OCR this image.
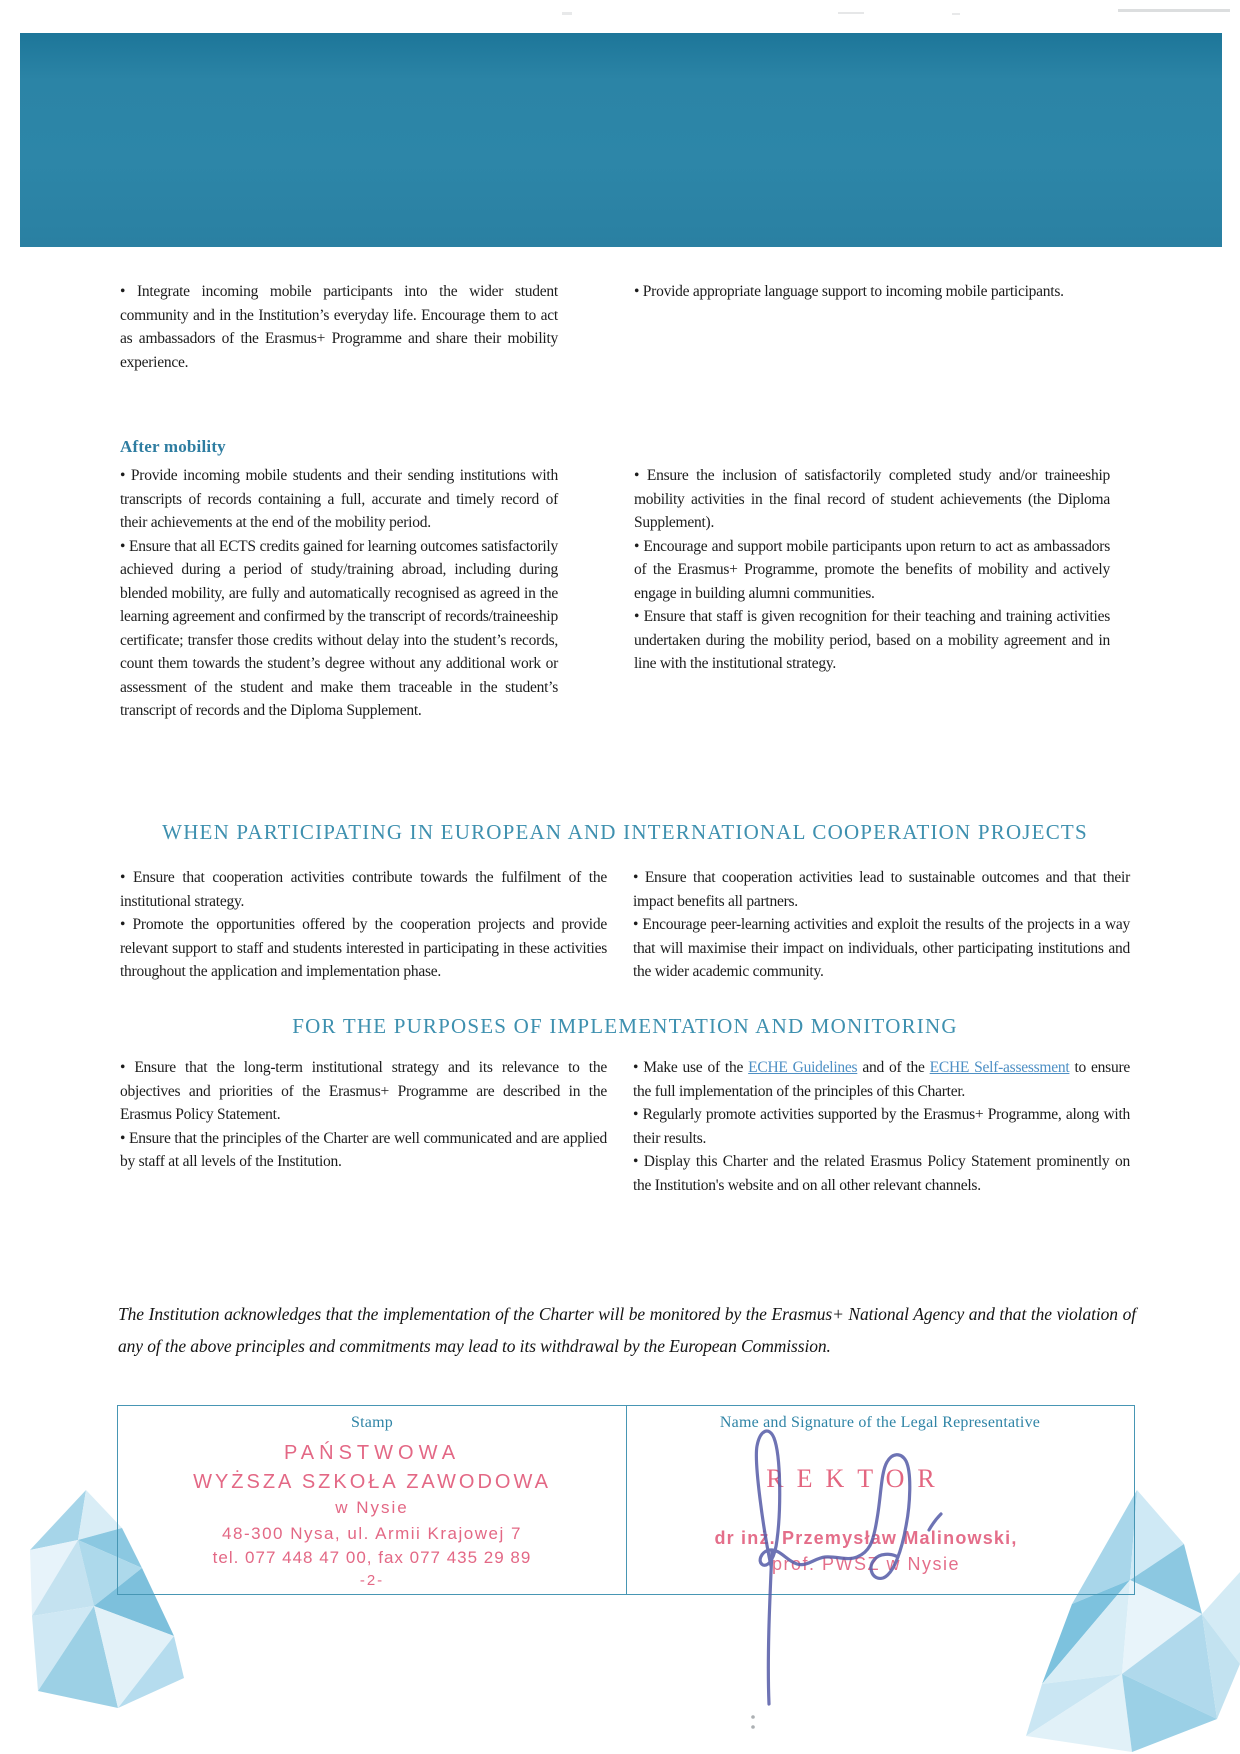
• Integrate incoming mobile participants into the wider student community and in the Institution’s everyday life. Encourage them to act as ambassadors of the Erasmus+ Programme and share their mobility experience.

• Provide appropriate language support to incoming mobile participants.

After mobility

• Provide incoming mobile students and their sending institutions with transcripts of records containing a full, accurate and timely record of their achievements at the end of the mobility period.

• Ensure that all ECTS credits gained for learning outcomes satisfactorily achieved during a period of study/training abroad, including during blended mobility, are fully and automatically recognised as agreed in the learning agreement and confirmed by the transcript of records/traineeship certificate; transfer those credits without delay into the student’s records, count them towards the student’s degree without any additional work or assessment of the student and make them traceable in the student’s transcript of records and the Diploma Supplement.

• Ensure the inclusion of satisfactorily completed study and/or traineeship mobility activities in the final record of student achievements (the Diploma Supplement).

• Encourage and support mobile participants upon return to act as ambassadors of the Erasmus+ Programme, promote the benefits of mobility and actively engage in building alumni communities.

• Ensure that staff is given recognition for their teaching and training activities undertaken during the mobility period, based on a mobility agreement and in line with the institutional strategy.

WHEN PARTICIPATING IN EUROPEAN AND INTERNATIONAL COOPERATION PROJECTS

• Ensure that cooperation activities contribute towards the fulfilment of the institutional strategy.

• Promote the opportunities offered by the cooperation projects and provide relevant support to staff and students interested in participating in these activities throughout the application and implementation phase.

• Ensure that cooperation activities lead to sustainable outcomes and that their impact benefits all partners.

• Encourage peer-learning activities and exploit the results of the projects in a way that will maximise their impact on individuals, other participating institutions and the wider academic community.

FOR THE PURPOSES OF IMPLEMENTATION AND MONITORING

• Ensure that the long-term institutional strategy and its relevance to the objectives and priorities of the Erasmus+ Programme are described in the Erasmus Policy Statement.

• Ensure that the principles of the Charter are well communicated and are applied by staff at all levels of the Institution.

• Make use of the ECHE Guidelines and of the ECHE Self-assessment to ensure the full implementation of the principles of this Charter.

• Regularly promote activities supported by the Erasmus+ Programme, along with their results.

• Display this Charter and the related Erasmus Policy Statement prominently on the Institution's website and on all other relevant channels.

The Institution acknowledges that the implementation of the Charter will be monitored by the Erasmus+ National Agency and that the violation of any of the above principles and commitments may lead to its withdrawal by the European Commission.
Stamp
PAŃSTWOWA
WYŻSZA SZKOŁA ZAWODOWA
w Nysie
48-300 Nysa, ul. Armii Krajowej 7
tel. 077 448 47 00, fax 077 435 29 89
-2-
Name and Signature of the Legal Representative
REKTOR
dr inż. Przemysław Malinowski,
prof. PWSZ w Nysie
